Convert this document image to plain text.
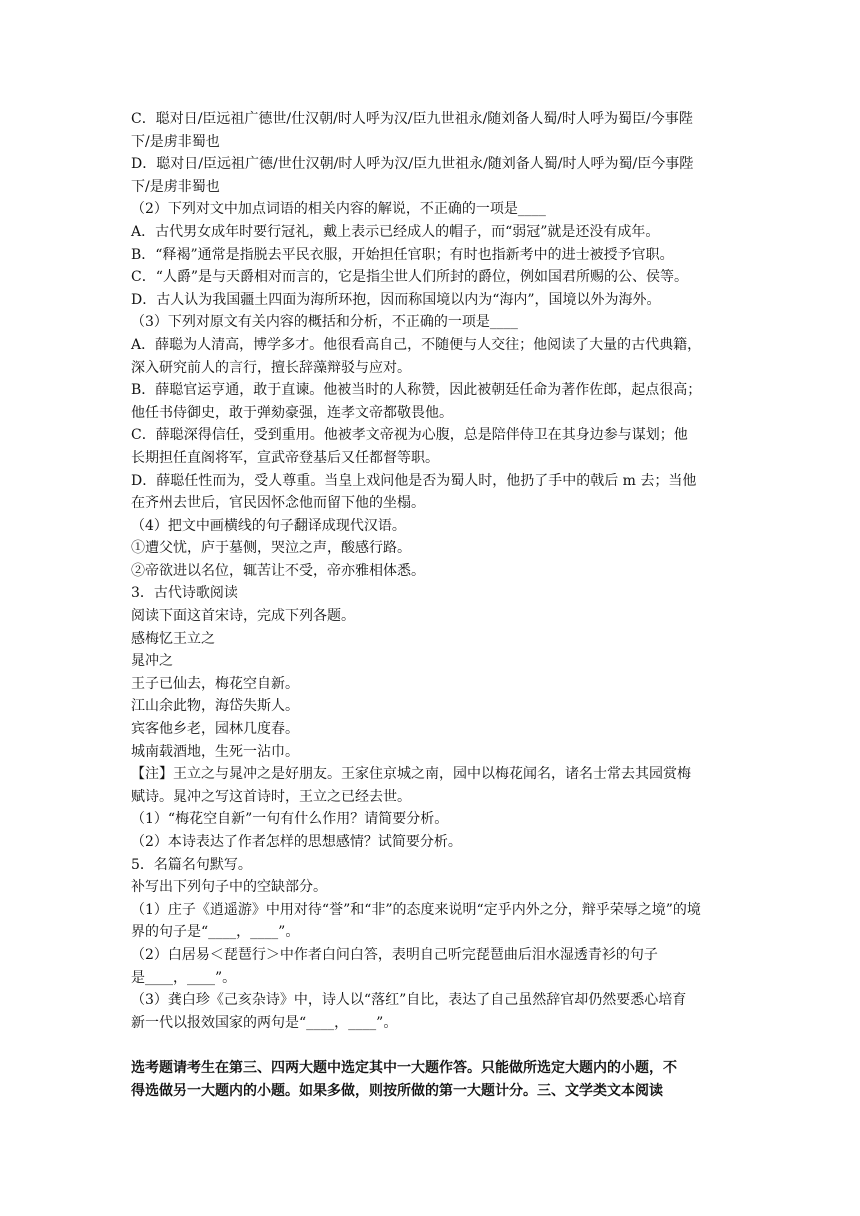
C．聪对日/臣远祖广德世/仕汉朝/时人呼为汉/臣九世祖永/随刘备人蜀/时人呼为蜀臣/今事陛
下/是虏非蜀也
D．聪对日/臣远祖广德/世仕汉朝/时人呼为汉/臣九世祖永/随刘备人蜀/时人呼为蜀/臣今事陛
下/是虏非蜀也
（2）下列对文中加点词语的相关内容的解说，不正确的一项是____
A．古代男女成年时要行冠礼，戴上表示已经成人的帽子，而“弱冠”就是还没有成年。
B．“释褐”通常是指脱去平民衣服，开始担任官职；有时也指新考中的进士被授予官职。
C．“人爵”是与天爵相对而言的，它是指尘世人们所封的爵位，例如国君所赐的公、侯等。
D．古人认为我国疆土四面为海所环抱，因而称国境以内为“海内”，国境以外为海外。
（3）下列对原文有关内容的概括和分析，不正确的一项是____
A．薛聪为人清高，博学多才。他很看高自己，不随便与人交往；他阅读了大量的古代典籍，
深入研究前人的言行，擅长辞藻辩驳与应对。
B．薛聪官运亨通，敢于直谏。他被当时的人称赞，因此被朝廷任命为著作佐郎，起点很高；
他任书侍御史，敢于弹劾豪强，连孝文帝都敬畏他。
C．薛聪深得信任，受到重用。他被孝文帝视为心腹，总是陪伴侍卫在其身边参与谋划；他
长期担任直阁将军，宣武帝登基后又任都督等职。
D．薛聪任性而为，受人尊重。当皇上戏问他是否为蜀人时，他扔了手中的戟后 m 去；当他
在齐州去世后，官民因怀念他而留下他的坐榻。
（4）把文中画横线的句子翻译成现代汉语。
①遭父忧，庐于墓侧，哭泣之声，酸感行路。
②帝欲进以名位，辄苦让不受，帝亦雅相体悉。
3．古代诗歌阅读
阅读下面这首宋诗，完成下列各题。
感梅忆王立之
晁冲之
王子已仙去，梅花空自新。
江山余此物，海岱失斯人。
宾客他乡老，园林几度春。
城南载酒地，生死一沾巾。
【注】王立之与晁冲之是好朋友。王家住京城之南，园中以梅花闻名，诸名士常去其园赏梅
赋诗。晁冲之写这首诗时，王立之已经去世。
（1）“梅花空自新”一句有什么作用？请简要分析。
（2）本诗表达了作者怎样的思想感情？试简要分析。
5．名篇名句默写。
补写出下列句子中的空缺部分。
（1）庄子《逍遥游》中用对待“誉”和“非”的态度来说明“定乎内外之分，辩乎荣辱之境”的境
界的句子是“____，____”。
（2）白居易＜琵琶行＞中作者白问白答，表明自己听完琵琶曲后泪水湿透青衫的句子
是____，____”。
（3）龚白珍《己亥杂诗》中，诗人以“落红”自比，表达了自己虽然辞官却仍然要悉心培育
新一代以报效国家的两句是“____，____”。
选考题请考生在第三、四两大题中选定其中一大题作答。只能做所选定大题内的小题，不
得选做另一大题内的小题。如果多做，则按所做的第一大题计分。三、文学类文本阅读
